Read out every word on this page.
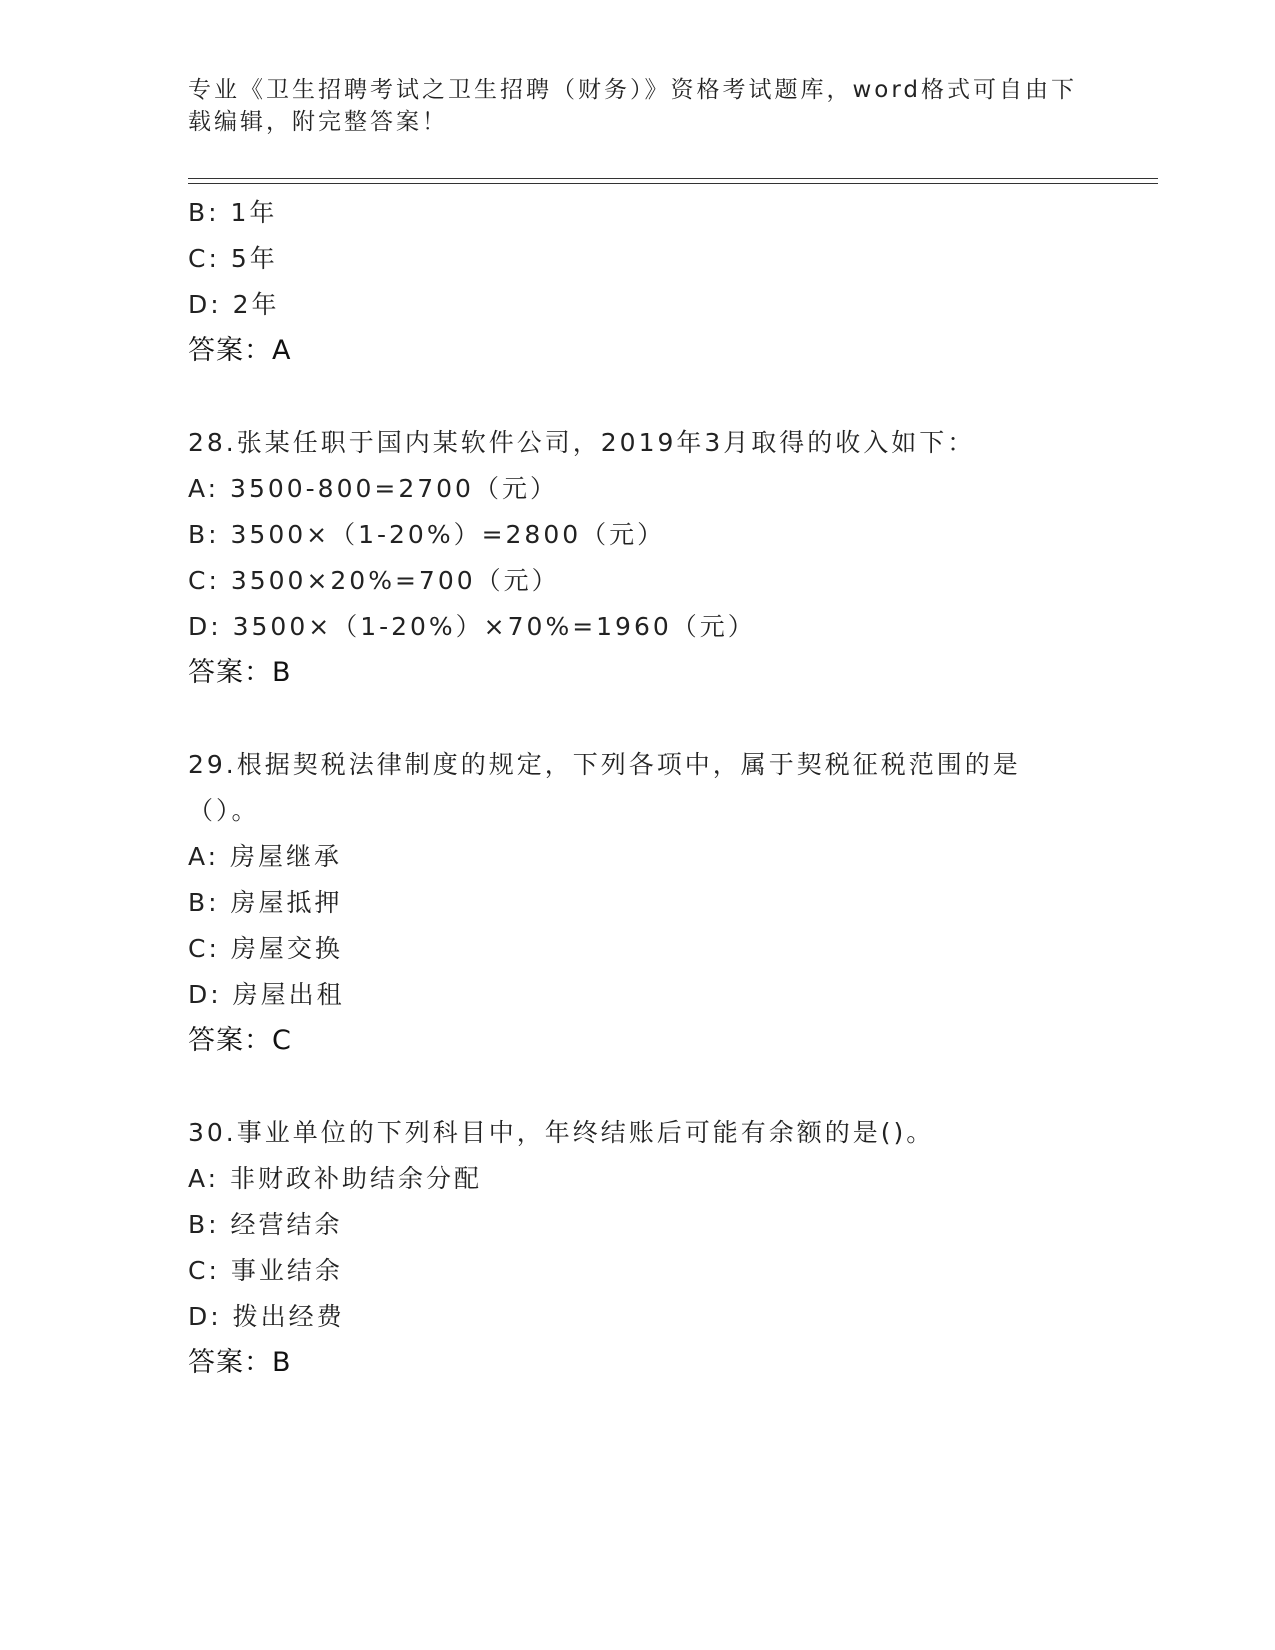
专业《卫生招聘考试之卫生招聘（财务）》资格考试题库，word格式可自由下载编辑，附完整答案！
B: 1年
C: 5年
D: 2年
答案：A
28.张某任职于国内某软件公司，2019年3月取得的收入如下：
A: 3500-800=2700（元）
B: 3500×（1-20%）=2800（元）
C: 3500×20%=700（元）
D: 3500×（1-20%）×70%=1960（元）
答案：B
29.根据契税法律制度的规定，下列各项中，属于契税征税范围的是（）。
A: 房屋继承
B: 房屋抵押
C: 房屋交换
D: 房屋出租
答案：C
30.事业单位的下列科目中，年终结账后可能有余额的是()。
A: 非财政补助结余分配
B: 经营结余
C: 事业结余
D: 拨出经费
答案：B
